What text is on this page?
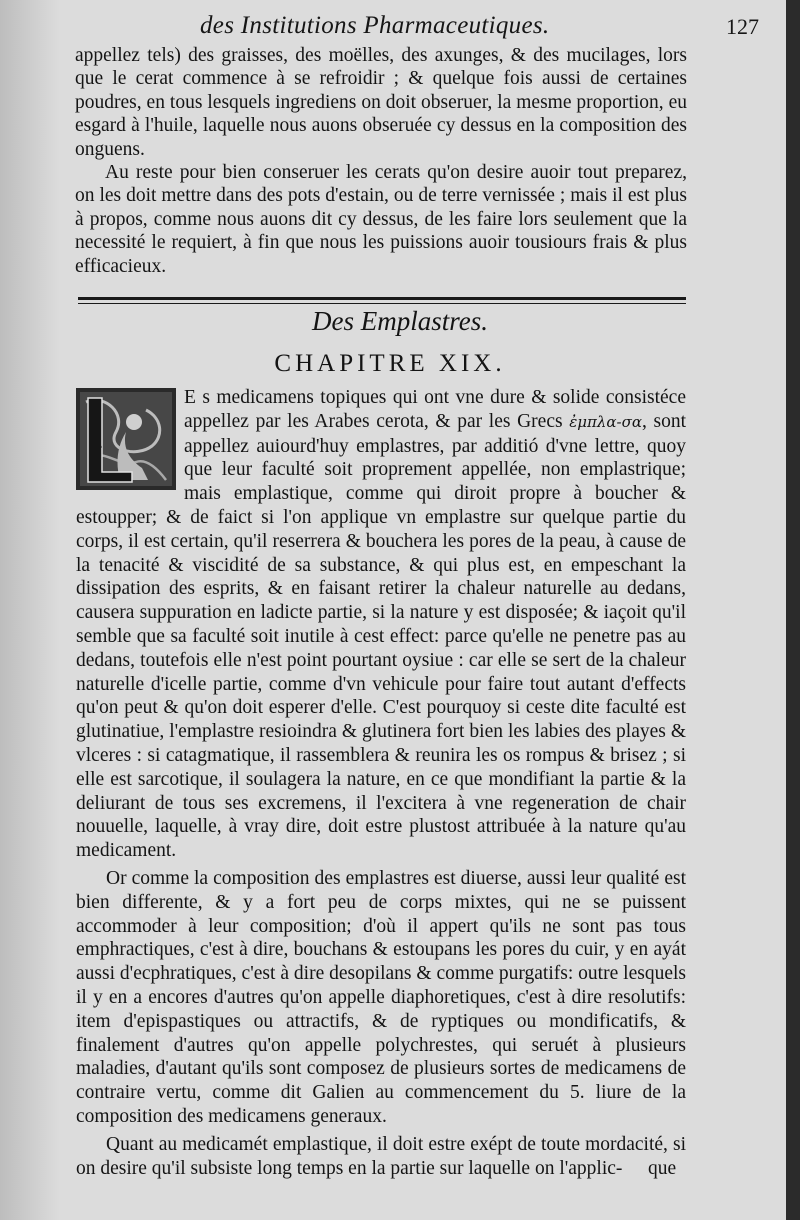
des Institutions Pharmaceutiques.	127

appellez tels) des graisses, des moëlles, des axunges, & des mucilages, lors que le cerat commence à se refroidir ; & quelque fois aussi de certaines poudres, en tous lesquels ingrediens on doit obseruer, la mesme proportion, eu esgard à l'huile, laquelle nous auons obseruée cy dessus en la composition des onguens.

Au reste pour bien conseruer les cerats qu'on desire auoir tout preparez, on les doit mettre dans des pots d'estain, ou de terre vernissée ; mais il est plus à propos, comme nous auons dit cy dessus, de les faire lors seulement que la necessité le requiert, à fin que nous les puissions auoir tousiours frais & plus efficacieux.

Des Emplastres.
CHAPITRE XIX.

L
E s medicamens topiques qui ont vne dure & solide consistéce appellez par les Arabes cerota, & par les Grecs ἐμπλα-σα, sont appellez auiourd'huy emplastres, par additió d'vne lettre, quoy que leur faculté soit proprement appellée, non emplastrique; mais emplastique, comme qui diroit propre à boucher & estoupper; & de faict si l'on applique vn emplastre sur quelque partie du corps, il est certain, qu'il reserrera & bouchera les pores de la peau, à cause de la tenacité & viscidité de sa substance, & qui plus est, en empeschant la dissipation des esprits, & en faisant retirer la chaleur naturelle au dedans, causera suppuration en ladicte partie, si la nature y est disposée; & iaçoit qu'il semble que sa faculté soit inutile à cest effect: parce qu'elle ne penetre pas au dedans, toutefois elle n'est point pourtant oysiue : car elle se sert de la chaleur naturelle d'icelle partie, comme d'vn vehicule pour faire tout autant d'effects qu'on peut & qu'on doit esperer d'elle. C'est pourquoy si ceste dite faculté est glutinatiue, l'emplastre resioindra & glutinera fort bien les labies des playes & vlceres : si catagmatique, il rassemblera & reunira les os rompus & brisez ; si elle est sarcotique, il soulagera la nature, en ce que mondifiant la partie & la deliurant de tous ses excremens, il l'excitera à vne regeneration de chair nouuelle, laquelle, à vray dire, doit estre plustost attribuée à la nature qu'au medicament.

Or comme la composition des emplastres est diuerse, aussi leur qualité est bien differente, & y a fort peu de corps mixtes, qui ne se puissent accommoder à leur composition; d'où il appert qu'ils ne sont pas tous emphractiques, c'est à dire, bouchans & estoupans les pores du cuir, y en ayát aussi d'ecphratiques, c'est à dire desopilans & comme purgatifs: outre lesquels il y en a encores d'autres qu'on appelle diaphoretiques, c'est à dire resolutifs: item d'epispastiques ou attractifs, & de ryptiques ou mondificatifs, & finalement d'autres qu'on appelle polychrestes, qui seruét à plusieurs maladies, d'autant qu'ils sont composez de plusieurs sortes de medicamens de contraire vertu, comme dit Galien au commencement du 5. liure de la composition des medicamens generaux.

Quant au medicamét emplastique, il doit estre exépt de toute mordacité, si on desire qu'il subsiste long temps en la partie sur laquelle on l'applic-	que
